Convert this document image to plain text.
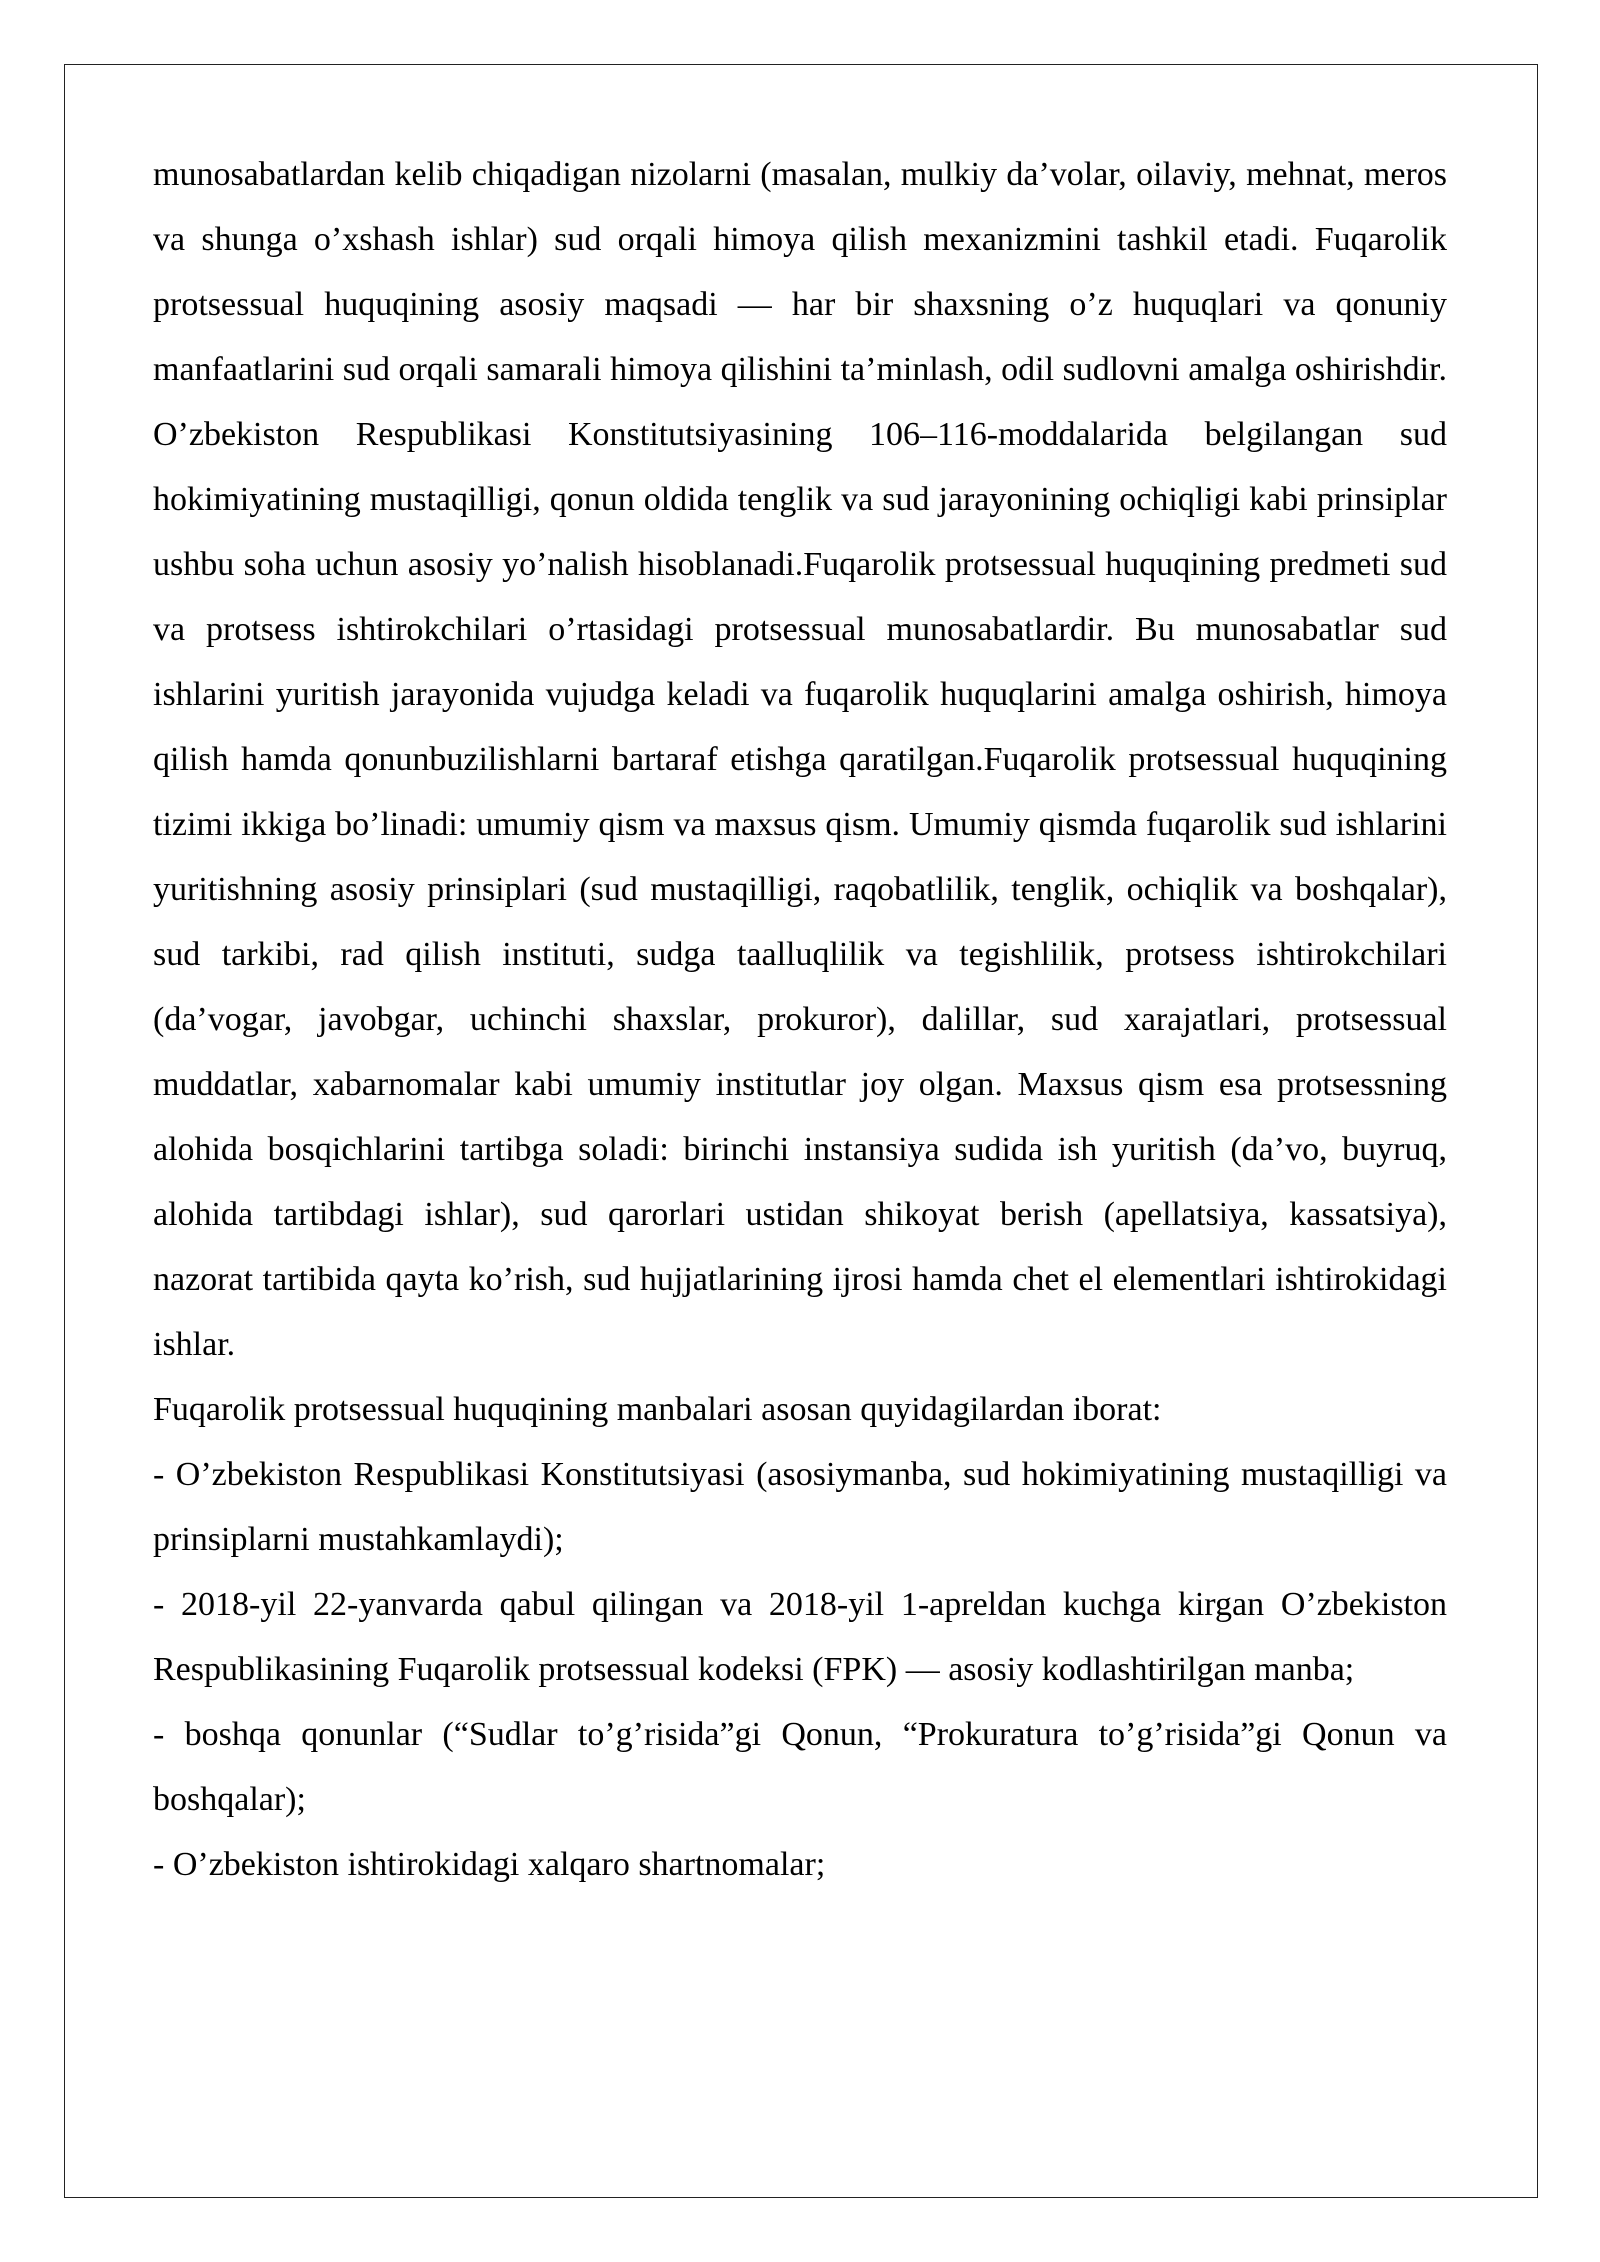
munosabatlardan kelib chiqadigan nizolarni (masalan, mulkiy da’volar, oilaviy, mehnat, meros va shunga o’xshash ishlar) sud orqali himoya qilish mexanizmini tashkil etadi. Fuqarolik protsessual huquqining asosiy maqsadi — har bir shaxsning o’z huquqlari va qonuniy manfaatlarini sud orqali samarali himoya qilishini ta’minlash, odil sudlovni amalga oshirishdir. O’zbekiston Respublikasi Konstitutsiyasining 106–116-moddalarida belgilangan sud hokimiyatining mustaqilligi, qonun oldida tenglik va sud jarayonining ochiqligi kabi prinsiplar ushbu soha uchun asosiy yo’nalish hisoblanadi.Fuqarolik protsessual huquqining predmeti sud va protsess ishtirokchilari o’rtasidagi protsessual munosabatlardir. Bu munosabatlar sud ishlarini yuritish jarayonida vujudga keladi va fuqarolik huquqlarini amalga oshirish, himoya qilish hamda qonunbuzilishlarni bartaraf etishga qaratilgan.Fuqarolik protsessual huquqining tizimi ikkiga bo’linadi: umumiy qism va maxsus qism. Umumiy qismda fuqarolik sud ishlarini yuritishning asosiy prinsiplari (sud mustaqilligi, raqobatlilik, tenglik, ochiqlik va boshqalar), sud tarkibi, rad qilish instituti, sudga taalluqlilik va tegishlilik, protsess ishtirokchilari (da’vogar, javobgar, uchinchi shaxslar, prokuror), dalillar, sud xarajatlari, protsessual muddatlar, xabarnomalar kabi umumiy institutlar joy olgan. Maxsus qism esa protsessning alohida bosqichlarini tartibga soladi: birinchi instansiya sudida ish yuritish (da’vo, buyruq, alohida tartibdagi ishlar), sud qarorlari ustidan shikoyat berish (apellatsiya, kassatsiya), nazorat tartibida qayta ko’rish, sud hujjatlarining ijrosi hamda chet el elementlari ishtirokidagi ishlar.

Fuqarolik protsessual huquqining manbalari asosan quyidagilardan iborat:

- O’zbekiston Respublikasi Konstitutsiyasi (asosiymanba, sud hokimiyatining mustaqilligi va prinsiplarni mustahkamlaydi);

- 2018-yil 22-yanvarda qabul qilingan va 2018-yil 1-apreldan kuchga kirgan O’zbekiston Respublikasining Fuqarolik protsessual kodeksi (FPK) — asosiy kodlashtirilgan manba;

- boshqa qonunlar (“Sudlar to’g’risida”gi Qonun, “Prokuratura to’g’risida”gi Qonun va boshqalar);

- O’zbekiston ishtirokidagi xalqaro shartnomalar;
